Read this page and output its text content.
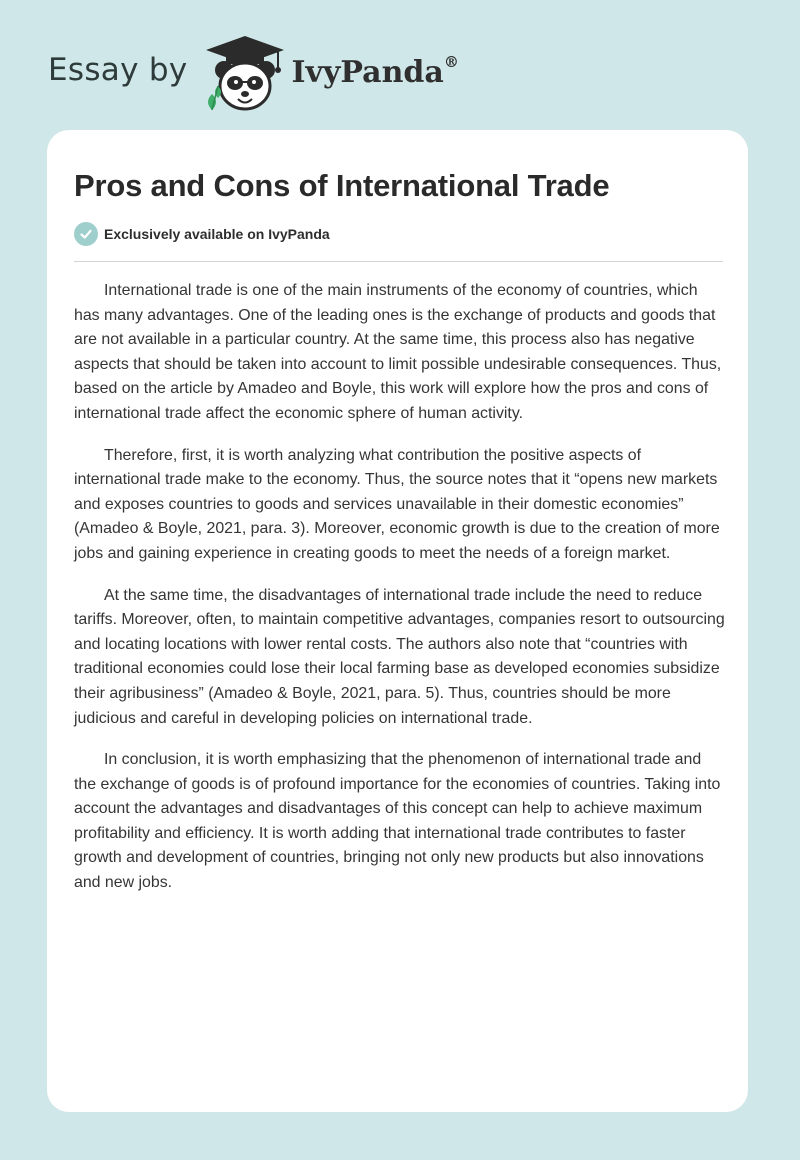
Essay by	IvyPanda®
Pros and Cons of International Trade
Exclusively available on IvyPanda

International trade is one of the main instruments of the economy of countries, which has many advantages. One of the leading ones is the exchange of products and goods that are not available in a particular country. At the same time, this process also has negative aspects that should be taken into account to limit possible undesirable consequences. Thus, based on the article by Amadeo and Boyle, this work will explore how the pros and cons of international trade affect the economic sphere of human activity.

Therefore, first, it is worth analyzing what contribution the positive aspects of international trade make to the economy. Thus, the source notes that it “opens new markets and exposes countries to goods and services unavailable in their domestic economies” (Amadeo & Boyle, 2021, para. 3). Moreover, economic growth is due to the creation of more jobs and gaining experience in creating goods to meet the needs of a foreign market.

At the same time, the disadvantages of international trade include the need to reduce tariffs. Moreover, often, to maintain competitive advantages, companies resort to outsourcing and locating locations with lower rental costs. The authors also note that “countries with traditional economies could lose their local farming base as developed economies subsidize their agribusiness” (Amadeo & Boyle, 2021, para. 5). Thus, countries should be more judicious and careful in developing policies on international trade.

In conclusion, it is worth emphasizing that the phenomenon of international trade and the exchange of goods is of profound importance for the economies of countries. Taking into account the advantages and disadvantages of this concept can help to achieve maximum profitability and efficiency. It is worth adding that international trade contributes to faster growth and development of countries, bringing not only new products but also innovations and new jobs.
